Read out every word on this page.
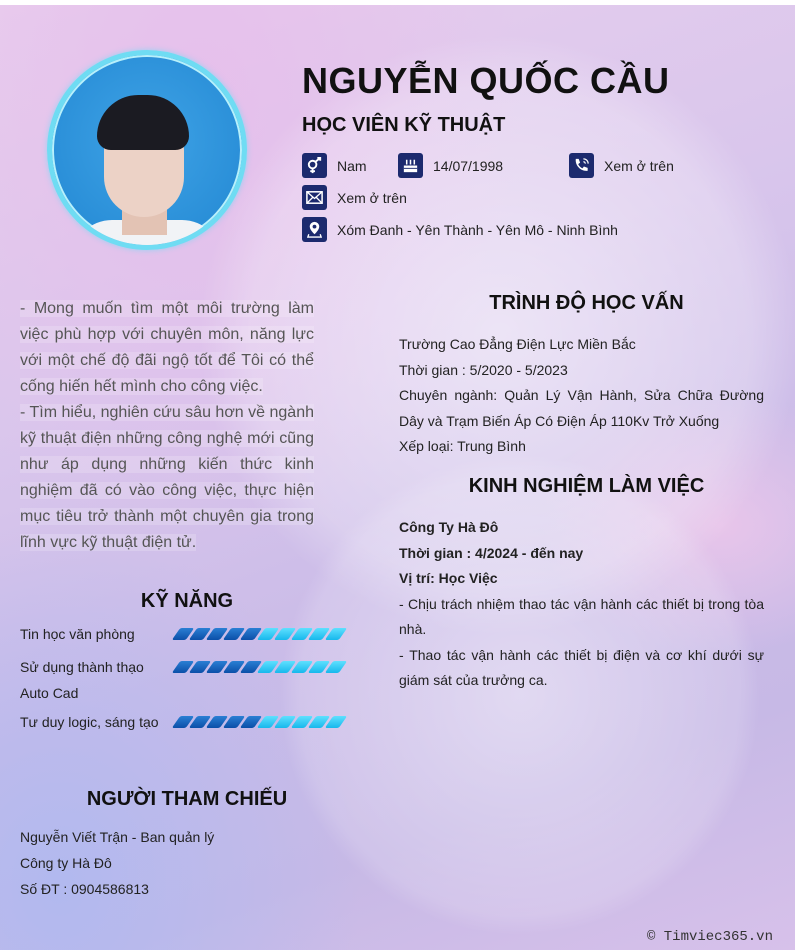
NGUYỄN QUỐC CẦU
HỌC VIÊN KỸ THUẬT
Nam	14/07/1998	Xem ở trên
Xem ở trên
Xóm Đanh - Yên Thành - Yên Mô - Ninh Bình

- Mong muốn tìm một môi trường làm việc phù hợp với chuyên môn, năng lực với một chế độ đãi ngộ tốt để Tôi có thể cống hiến hết mình cho công việc.

- Tìm hiểu, nghiên cứu sâu hơn về ngành kỹ thuật điện những công nghệ mới cũng như áp dụng những kiến thức kinh nghiệm đã có vào công việc, thực hiện mục tiêu trở thành một chuyên gia trong lĩnh vực kỹ thuật điện tử.

KỸ NĂNG
Tin học văn phòng
Sử dụng thành thạo Auto Cad
Tư duy logic, sáng tạo
NGƯỜI THAM CHIẾU
Nguyễn Viết Trận - Ban quản lý
Công ty Hà Đô
Số ĐT : 0904586813
TRÌNH ĐỘ HỌC VẤN
Trường Cao Đẳng Điện Lực Miền Bắc
Thời gian : 5/2020 - 5/2023
Chuyên ngành: Quản Lý Vận Hành, Sửa Chữa Đường Dây và Trạm Biến Áp Có Điện Áp 110Kv Trở Xuống
Xếp loại: Trung Bình
KINH NGHIỆM LÀM VIỆC
Công Ty Hà Đô
Thời gian : 4/2024 - đến nay
Vị trí: Học Việc
- Chịu trách nhiệm thao tác vận hành các thiết bị trong tòa nhà.
- Thao tác vận hành các thiết bị điện và cơ khí dưới sự giám sát của trưởng ca.
© Timviec365.vn
